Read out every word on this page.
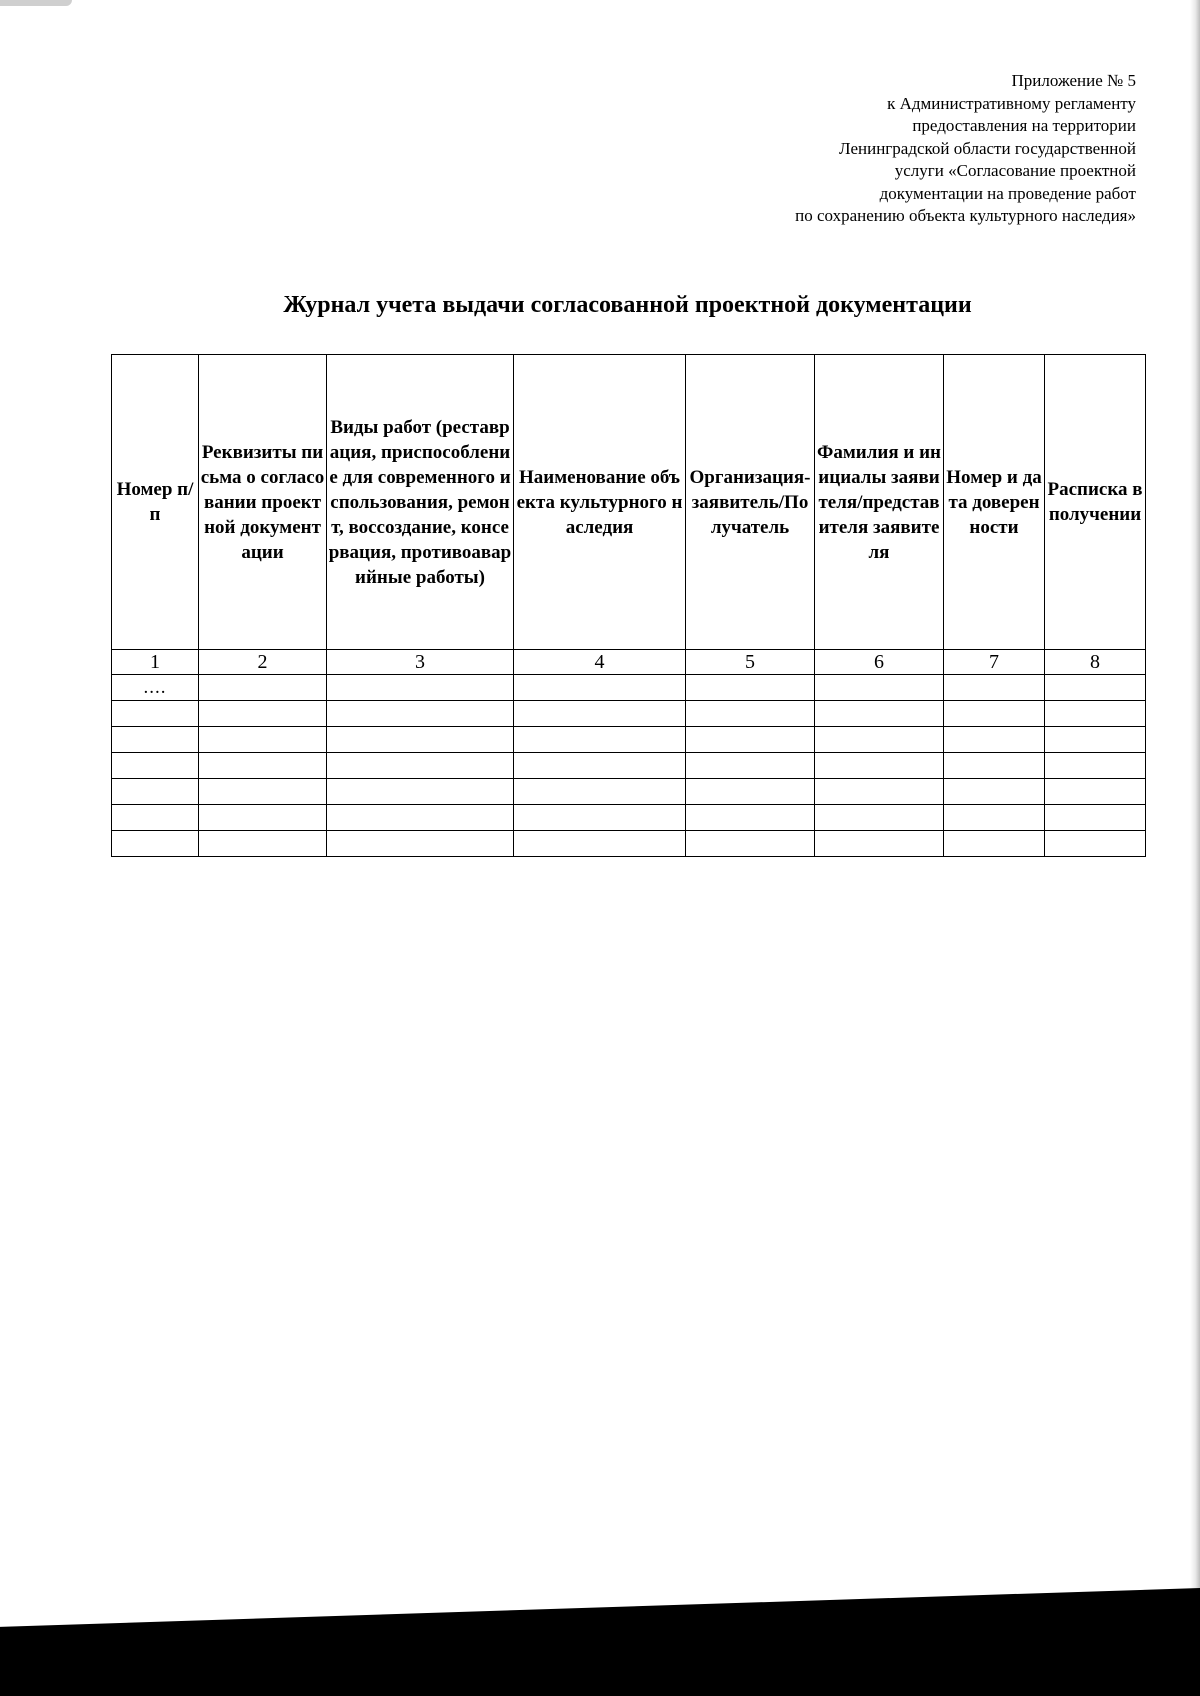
Приложение № 5
к Административному регламенту
предоставления на территории
Ленинградской области государственной
услуги «Согласование проектной
документации на проведение работ
по сохранению объекта культурного наследия»
Журнал учета выдачи согласованной проектной документации
Номер п/п	Реквизиты письма о согласовании проектной документации	Виды работ (реставрация, приспособление для современного использования, ремонт, воссоздание, консервация, противоаварийные работы)	Наименование объекта культурного наследия	Организация-заявитель/Получатель	Фамилия и инициалы заявителя/представителя заявителя	Номер и дата доверенности	Расписка в получении
1	2	3	4	5	6	7	8
....							
